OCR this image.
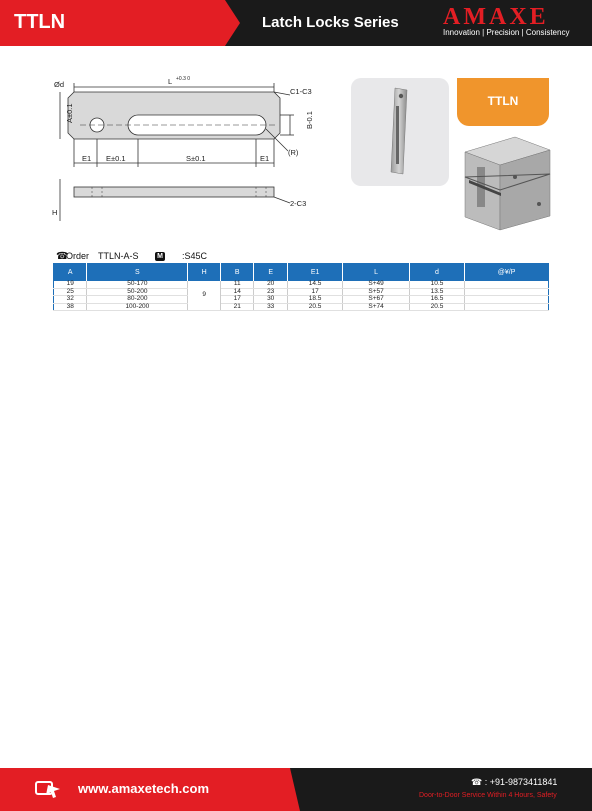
TTLN	Latch Locks Series AMAXE
Innovation | Precision | Consistency
Ød	L +0.3 0
C1-C3
A±0.1	B-0.1
(R)
E1 E±0.1	S±0.1	E1
H
2-C3
TTLN
☎
Order TTLN-A-S	M :S45C
A	S	H	B	E	E1	L	d	@¥/P
19	50-170	9	11	20	14.5	S+49	10.5	
25	50-200		14	23	17	S+57	13.5	
32	80-200		17	30	18.5	S+67	16.5	
38	100-200		21	33	20.5	S+74	20.5	
www.amaxetech.com	☎ : +91-9873411841
Door-to-Door Service Within 4 Hours, Safety
